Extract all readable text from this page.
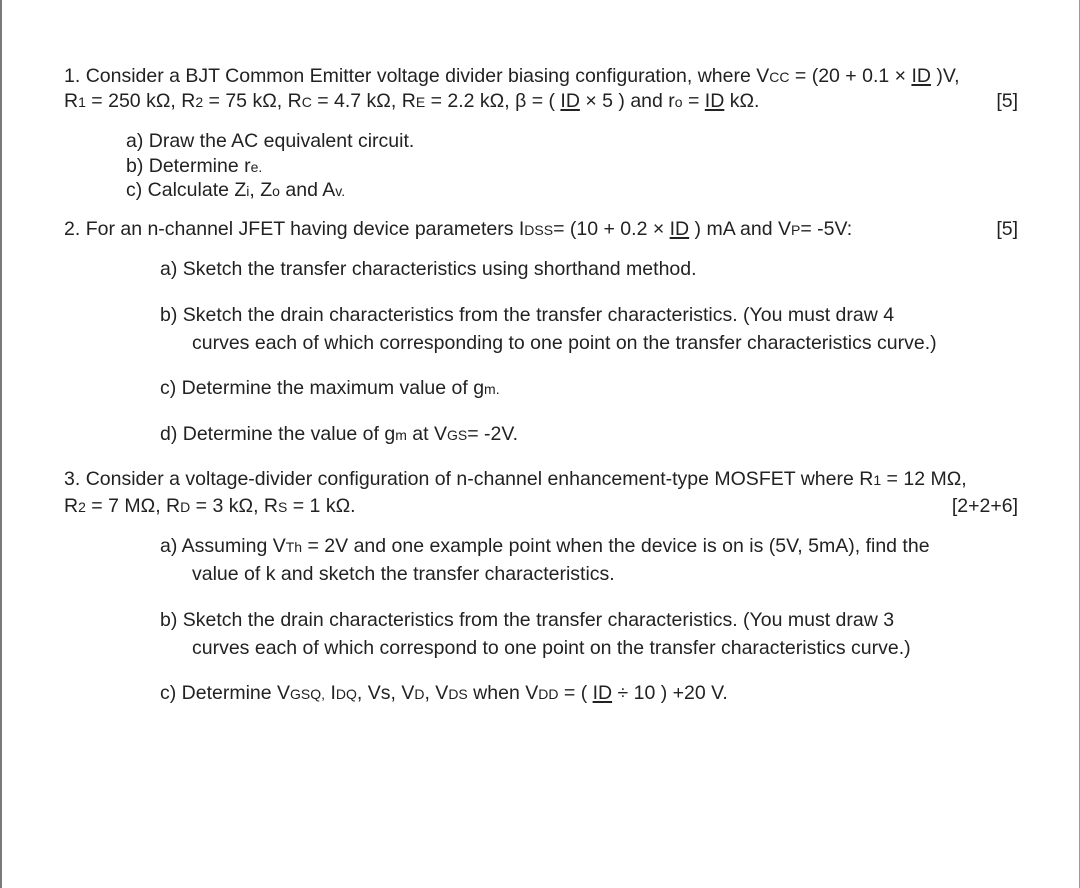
1. Consider a BJT Common Emitter voltage divider biasing configuration, where VCC = (20 + 0.1 × ID )V,
R1 = 250 kΩ, R2 = 75 kΩ, RC = 4.7 kΩ, RE = 2.2 kΩ, β = ( ID × 5 ) and ro = ID kΩ.	[5]
a) Draw the AC equivalent circuit.
b) Determine re.
c) Calculate Zi, Zo and Av.
2. For an n-channel JFET having device parameters IDSS= (10 + 0.2 × ID ) mA and VP= -5V:	[5]
a) Sketch the transfer characteristics using shorthand method.
b) Sketch the drain characteristics from the transfer characteristics. (You must draw 4
curves each of which corresponding to one point on the transfer characteristics curve.)
c) Determine the maximum value of gm.
d) Determine the value of gm at VGS= -2V.
3. Consider a voltage-divider configuration of n-channel enhancement-type MOSFET where R1 = 12 MΩ,
R2 = 7 MΩ, RD = 3 kΩ, RS = 1 kΩ.	[2+2+6]
a) Assuming VTh = 2V and one example point when the device is on is (5V, 5mA), find the
value of k and sketch the transfer characteristics.
b) Sketch the drain characteristics from the transfer characteristics. (You must draw 3
curves each of which correspond to one point on the transfer characteristics curve.)
c) Determine VGSQ, IDQ, Vs, VD, VDS when VDD = ( ID ÷ 10 ) +20 V.
